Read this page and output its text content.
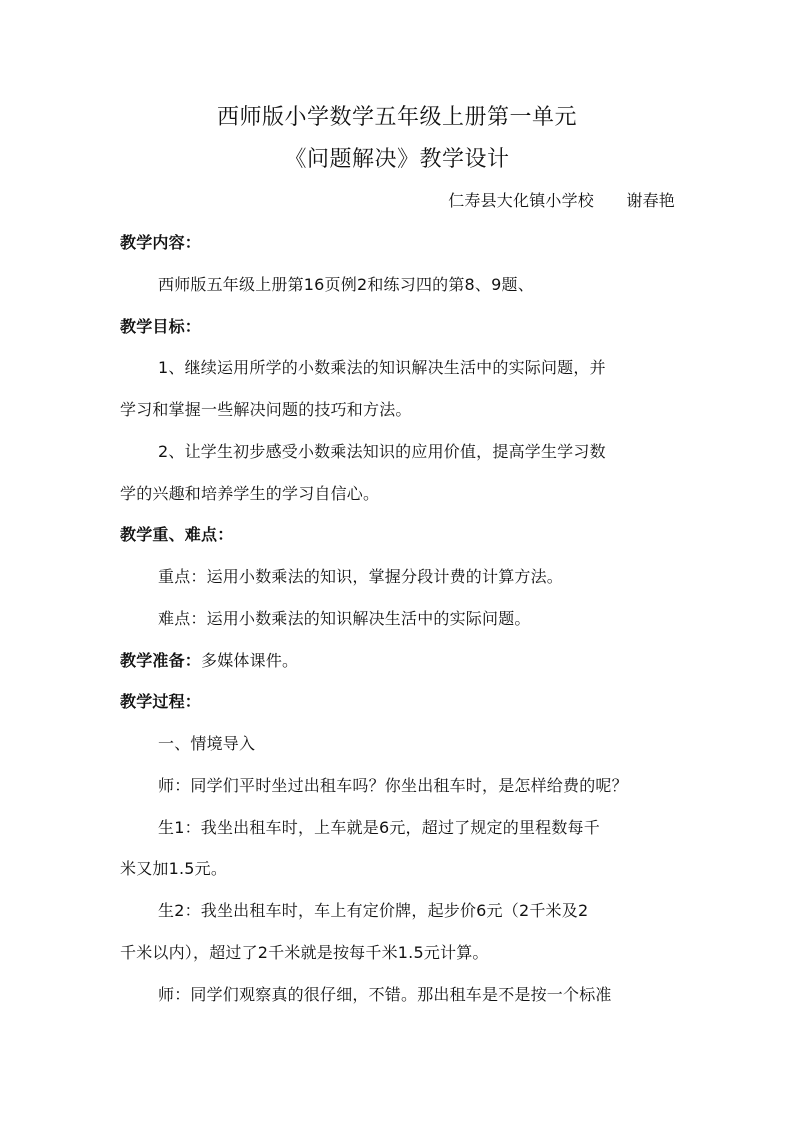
西师版小学数学五年级上册第一单元
《问题解决》教学设计
仁寿县大化镇小学校　　谢春艳
教学内容：
西师版五年级上册第16页例2和练习四的第8、9题、
教学目标：
1、继续运用所学的小数乘法的知识解决生活中的实际问题，并
学习和掌握一些解决问题的技巧和方法。
2、让学生初步感受小数乘法知识的应用价值，提高学生学习数
学的兴趣和培养学生的学习自信心。
教学重、难点：
重点：运用小数乘法的知识，掌握分段计费的计算方法。
难点：运用小数乘法的知识解决生活中的实际问题。
教学准备：多媒体课件。
教学过程：
一、情境导入
师：同学们平时坐过出租车吗？你坐出租车时，是怎样给费的呢？
生1：我坐出租车时，上车就是6元，超过了规定的里程数每千
米又加1.5元。
生2：我坐出租车时，车上有定价牌，起步价6元（2千米及2
千米以内），超过了2千米就是按每千米1.5元计算。
师：同学们观察真的很仔细，不错。那出租车是不是按一个标准
